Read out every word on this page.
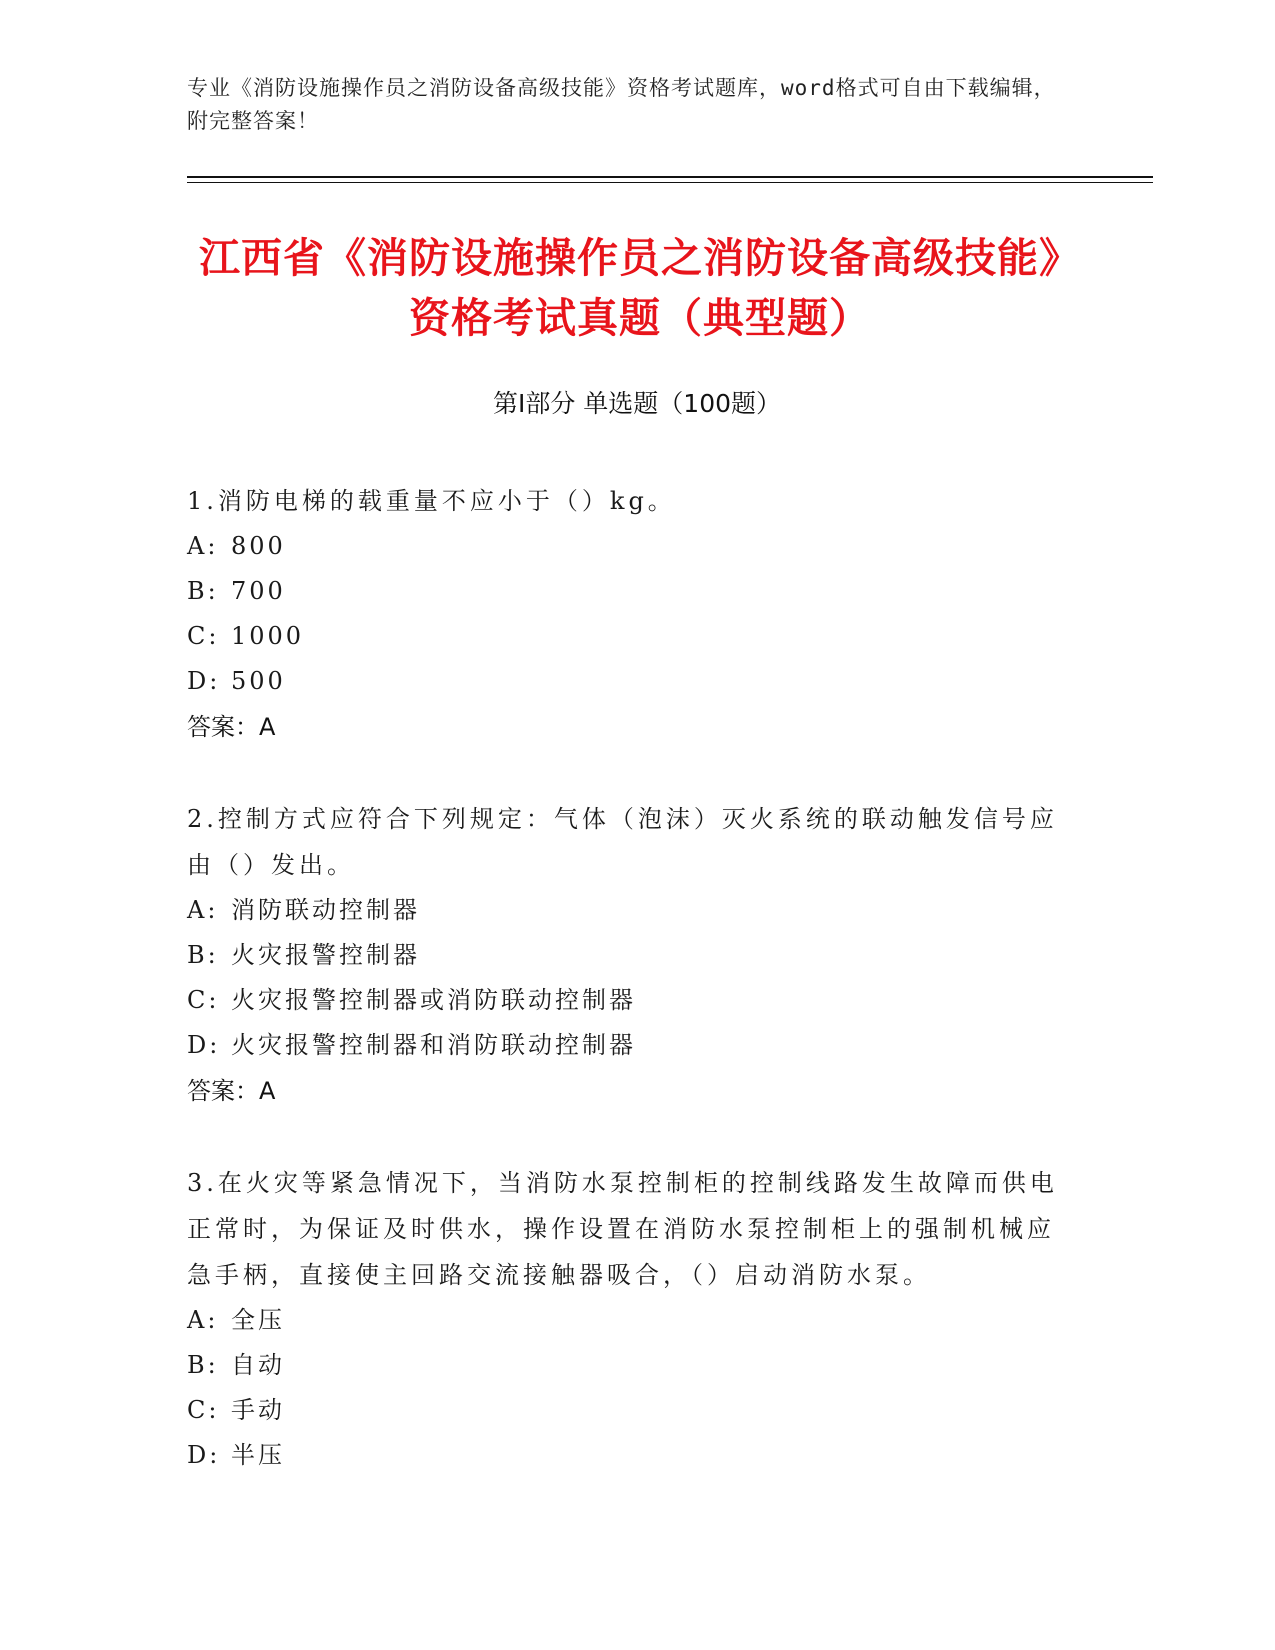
专业《消防设施操作员之消防设备高级技能》资格考试题库，word格式可自由下载编辑，附完整答案！
江西省《消防设施操作员之消防设备高级技能》资格考试真题（典型题）
第Ⅰ部分 单选题（100题）
1.消防电梯的载重量不应小于（）kg。
A: 800
B: 700
C: 1000
D: 500
答案：A
2.控制方式应符合下列规定：气体（泡沫）灭火系统的联动触发信号应由（）发出。
A: 消防联动控制器
B: 火灾报警控制器
C: 火灾报警控制器或消防联动控制器
D: 火灾报警控制器和消防联动控制器
答案：A
3.在火灾等紧急情况下，当消防水泵控制柜的控制线路发生故障而供电正常时，为保证及时供水，操作设置在消防水泵控制柜上的强制机械应急手柄，直接使主回路交流接触器吸合，（）启动消防水泵。
A: 全压
B: 自动
C: 手动
D: 半压
